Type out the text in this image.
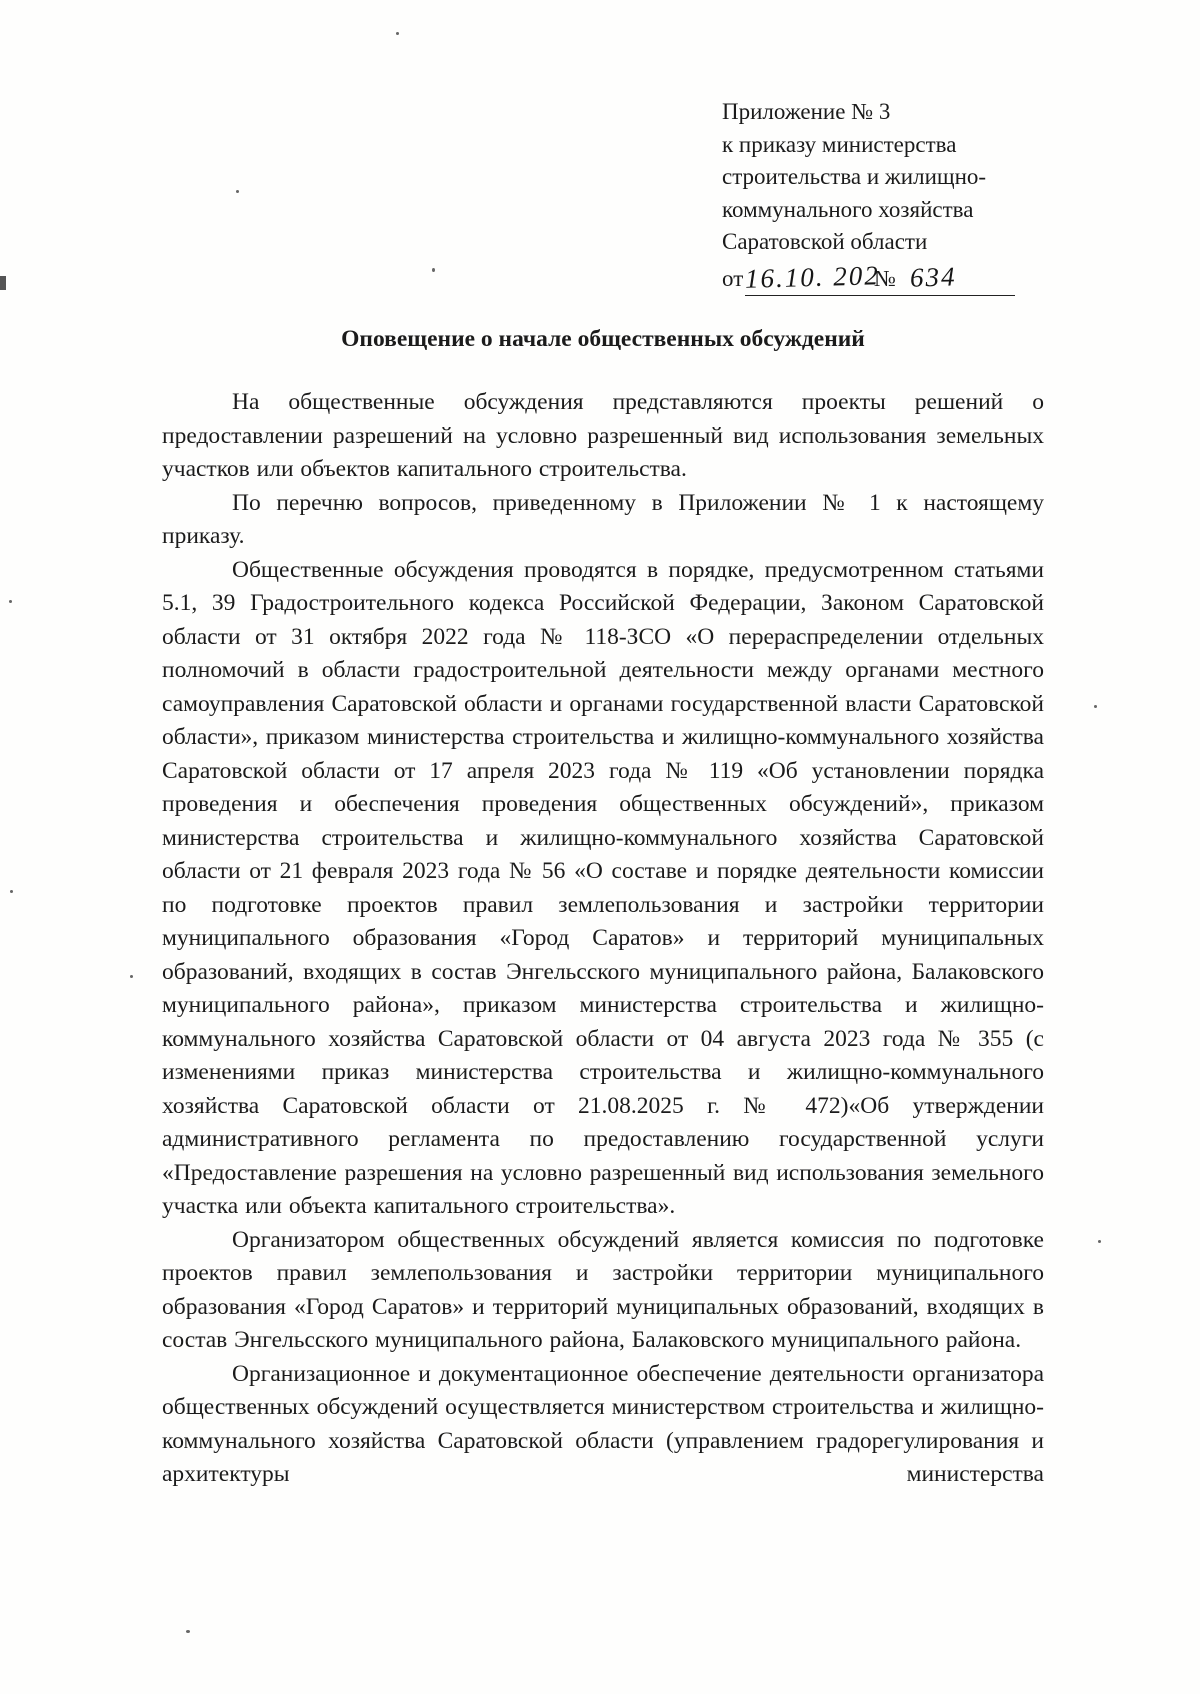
Приложение № 3
к приказу министерства
строительства и жилищно-
коммунального хозяйства
Саратовской области
от16.10. 202№ 634
Оповещение о начале общественных обсуждений

На общественные обсуждения представляются проекты решений о предоставлении разрешений на условно разрешенный вид использования земельных участков или объектов капитального строительства.

По перечню вопросов, приведенному в Приложении № 1 к настоящему приказу.

Общественные обсуждения проводятся в порядке, предусмотренном статьями 5.1, 39 Градостроительного кодекса Российской Федерации, Законом Саратовской области от 31 октября 2022 года № 118-ЗСО «О перераспределении отдельных полномочий в области градостроительной деятельности между органами местного самоуправления Саратовской области и органами государственной власти Саратовской области», приказом министерства строительства и жилищно-коммунального хозяйства Саратовской области от 17 апреля 2023 года № 119 «Об установлении порядка проведения и обеспечения проведения общественных обсуждений», приказом министерства строительства и жилищно-коммунального хозяйства Саратовской области от 21 февраля 2023 года № 56 «О составе и порядке деятельности комиссии по подготовке проектов правил землепользования и застройки территории муниципального образования «Город Саратов» и территорий муниципальных образований, входящих в состав Энгельсского муниципального района, Балаковского муниципального района», приказом министерства строительства и жилищно-коммунального хозяйства Саратовской области от 04 августа 2023 года № 355 (с изменениями приказ министерства строительства и жилищно-коммунального хозяйства Саратовской области от 21.08.2025 г. № 472)«Об утверждении административного регламента по предоставлению государственной услуги «Предоставление разрешения на условно разрешенный вид использования земельного участка или объекта капитального строительства».

Организатором общественных обсуждений является комиссия по подготовке проектов правил землепользования и застройки территории муниципального образования «Город Саратов» и территорий муниципальных образований, входящих в состав Энгельсского муниципального района, Балаковского муниципального района.

Организационное и документационное обеспечение деятельности организатора общественных обсуждений осуществляется министерством строительства и жилищно-коммунального хозяйства Саратовской области (управлением градорегулирования и архитектуры министерства
